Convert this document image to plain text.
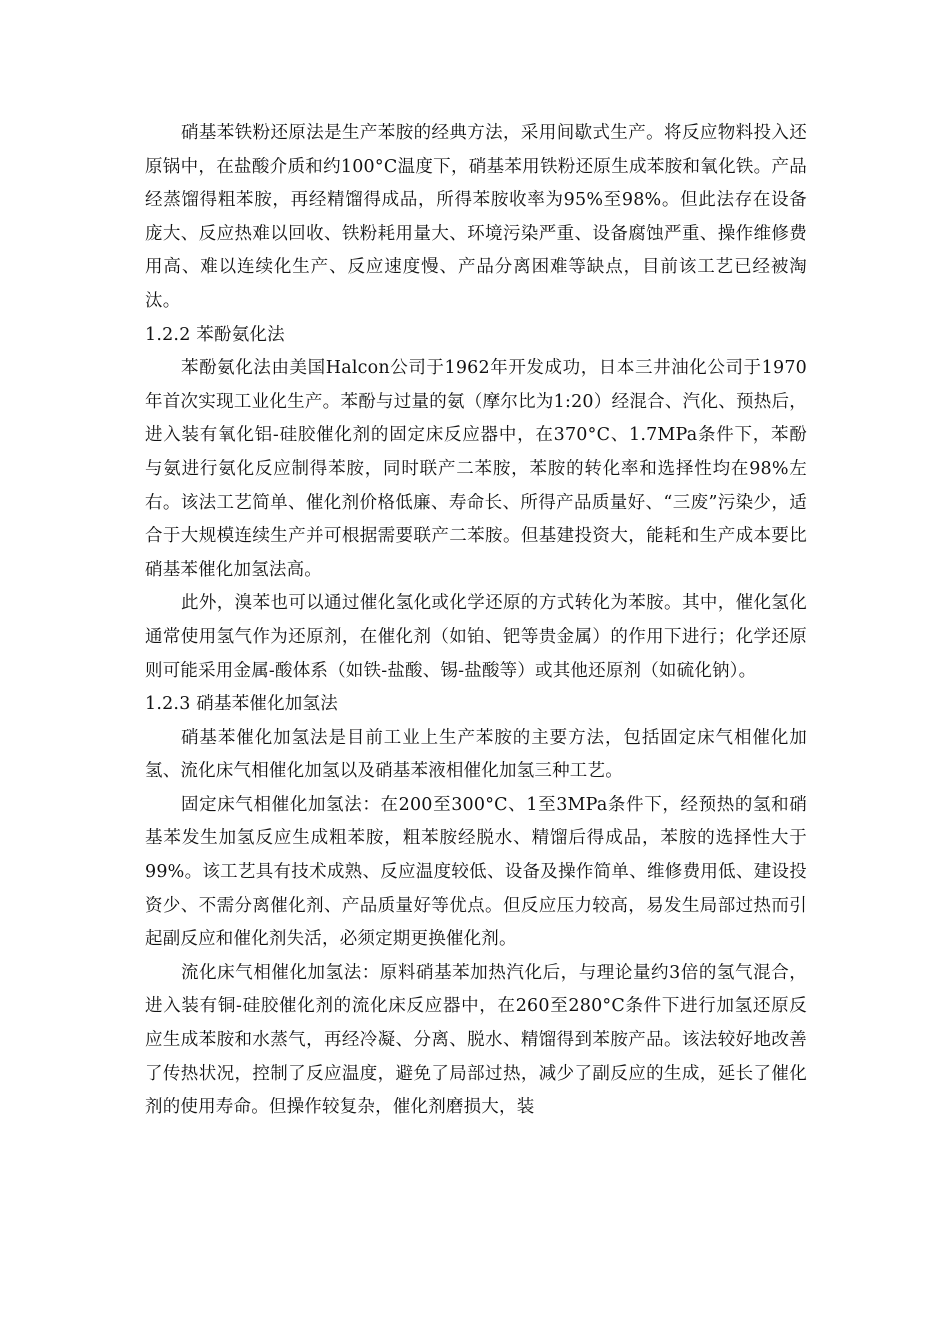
硝基苯铁粉还原法是生产苯胺的经典方法，采用间歇式生产。将反应物料投入还原锅中，在盐酸介质和约100°C温度下，硝基苯用铁粉还原生成苯胺和氧化铁。产品经蒸馏得粗苯胺，再经精馏得成品，所得苯胺收率为95%至98%。但此法存在设备庞大、反应热难以回收、铁粉耗用量大、环境污染严重、设备腐蚀严重、操作维修费用高、难以连续化生产、反应速度慢、产品分离困难等缺点，目前该工艺已经被淘汰。

1.2.2 苯酚氨化法

苯酚氨化法由美国Halcon公司于1962年开发成功，日本三井油化公司于1970年首次实现工业化生产。苯酚与过量的氨（摩尔比为1:20）经混合、汽化、预热后，进入装有氧化铝-硅胶催化剂的固定床反应器中，在370°C、1.7MPa条件下，苯酚与氨进行氨化反应制得苯胺，同时联产二苯胺，苯胺的转化率和选择性均在98%左右。该法工艺简单、催化剂价格低廉、寿命长、所得产品质量好、“三废”污染少，适合于大规模连续生产并可根据需要联产二苯胺。但基建投资大，能耗和生产成本要比硝基苯催化加氢法高。

此外，溴苯也可以通过催化氢化或化学还原的方式转化为苯胺。其中，催化氢化通常使用氢气作为还原剂，在催化剂（如铂、钯等贵金属）的作用下进行；化学还原则可能采用金属-酸体系（如铁-盐酸、锡-盐酸等）或其他还原剂（如硫化钠）。

1.2.3 硝基苯催化加氢法

硝基苯催化加氢法是目前工业上生产苯胺的主要方法，包括固定床气相催化加氢、流化床气相催化加氢以及硝基苯液相催化加氢三种工艺。

固定床气相催化加氢法：在200至300°C、1至3MPa条件下，经预热的氢和硝基苯发生加氢反应生成粗苯胺，粗苯胺经脱水、精馏后得成品，苯胺的选择性大于99%。该工艺具有技术成熟、反应温度较低、设备及操作简单、维修费用低、建设投资少、不需分离催化剂、产品质量好等优点。但反应压力较高，易发生局部过热而引起副反应和催化剂失活，必须定期更换催化剂。

流化床气相催化加氢法：原料硝基苯加热汽化后，与理论量约3倍的氢气混合，进入装有铜-硅胶催化剂的流化床反应器中，在260至280°C条件下进行加氢还原反应生成苯胺和水蒸气，再经冷凝、分离、脱水、精馏得到苯胺产品。该法较好地改善了传热状况，控制了反应温度，避免了局部过热，减少了副反应的生成，延长了催化剂的使用寿命。但操作较复杂，催化剂磨损大，装
